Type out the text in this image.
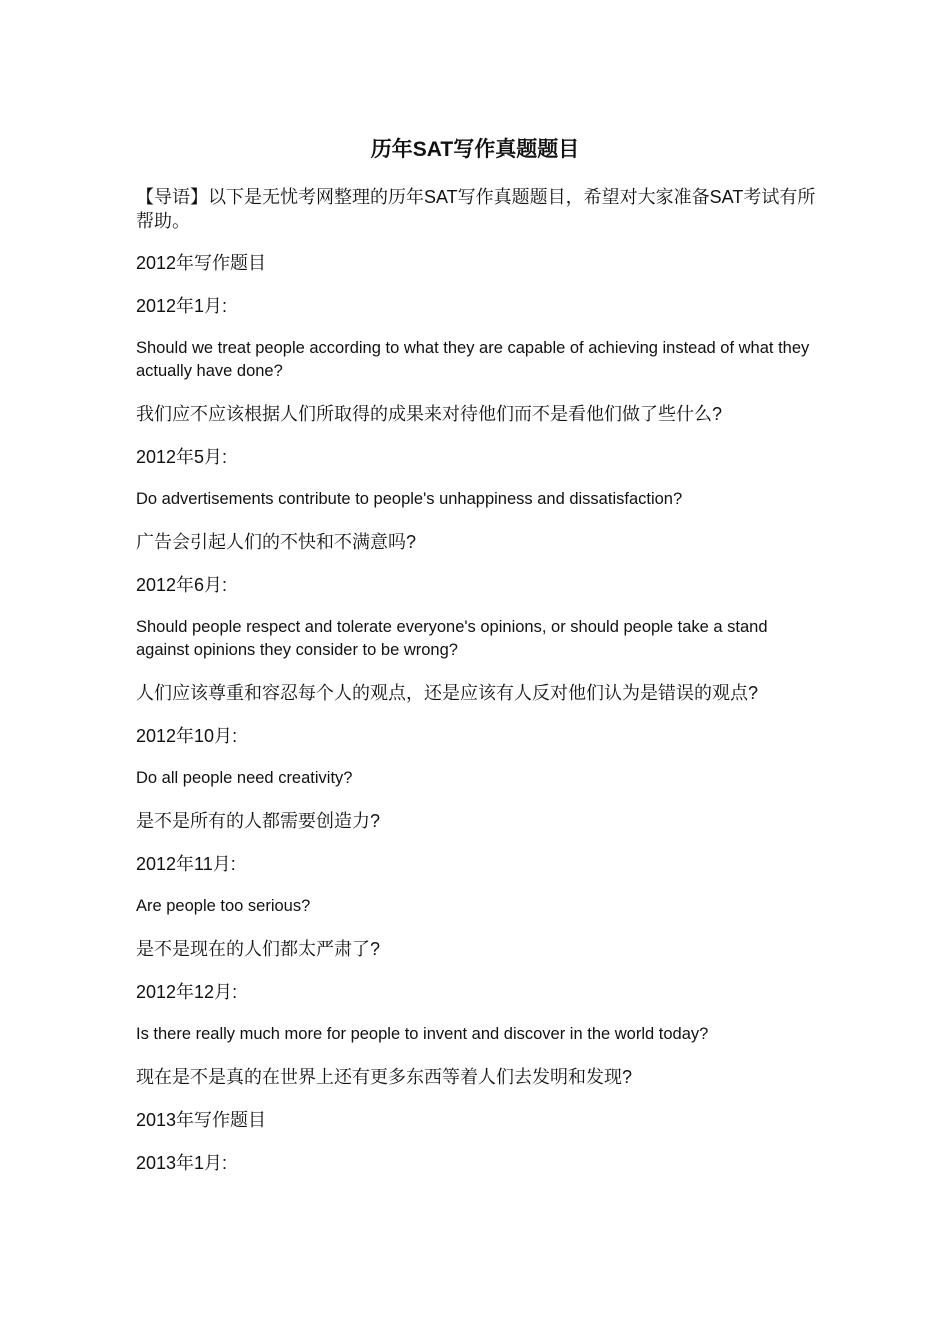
历年SAT写作真题题目

【导语】以下是无忧考网整理的历年SAT写作真题题目，希望对大家准备SAT考试有所帮助。

2012年写作题目

2012年1月:

Should we treat people according to what they are capable of achieving instead of what they actually have done?

我们应不应该根据人们所取得的成果来对待他们而不是看他们做了些什么?

2012年5月:

Do advertisements contribute to people's unhappiness and dissatisfaction?

广告会引起人们的不快和不满意吗?

2012年6月:

Should people respect and tolerate everyone's opinions, or should people take a stand against opinions they consider to be wrong?

人们应该尊重和容忍每个人的观点，还是应该有人反对他们认为是错误的观点?

2012年10月:

Do all people need creativity?

是不是所有的人都需要创造力?

2012年11月:

Are people too serious?

是不是现在的人们都太严肃了?

2012年12月:

Is there really much more for people to invent and discover in the world today?

现在是不是真的在世界上还有更多东西等着人们去发明和发现?

2013年写作题目

2013年1月:
